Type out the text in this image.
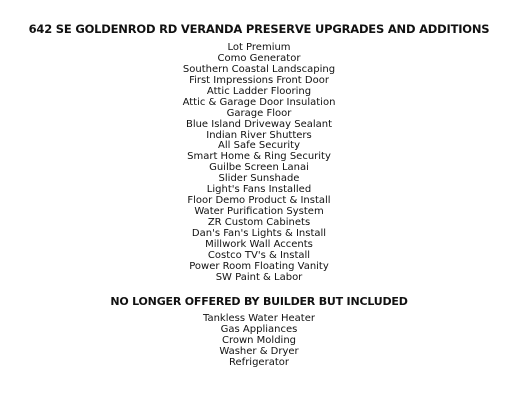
642 SE GOLDENROD RD VERANDA PRESERVE UPGRADES AND ADDITIONS
Lot Premium
Como Generator
Southern Coastal Landscaping
First Impressions Front Door
Attic Ladder Flooring
Attic & Garage Door Insulation
Garage Floor
Blue Island Driveway Sealant
Indian River Shutters
All Safe Security
Smart Home & Ring Security
Guilbe Screen Lanai
Slider Sunshade
Light's Fans Installed
Floor Demo Product & Install
Water Purification System
ZR Custom Cabinets
Dan's Fan's Lights & Install
Millwork Wall Accents
Costco TV's & Install
Power Room Floating Vanity
SW Paint & Labor
NO LONGER OFFERED BY BUILDER BUT INCLUDED
Tankless Water Heater
Gas Appliances
Crown Molding
Washer & Dryer
Refrigerator
